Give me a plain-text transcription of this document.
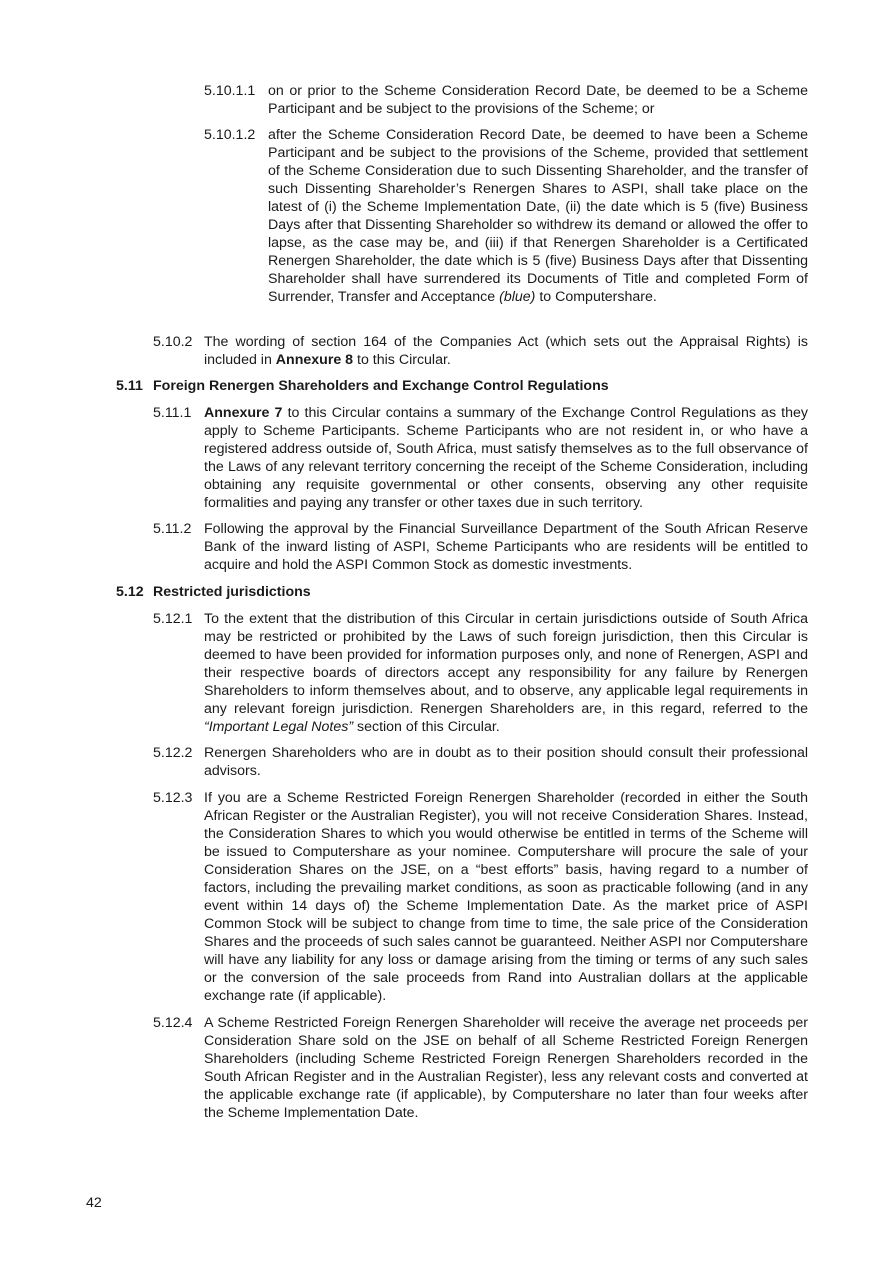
5.10.1.1 on or prior to the Scheme Consideration Record Date, be deemed to be a Scheme Participant and be subject to the provisions of the Scheme; or
5.10.1.2 after the Scheme Consideration Record Date, be deemed to have been a Scheme Participant and be subject to the provisions of the Scheme, provided that settlement of the Scheme Consideration due to such Dissenting Shareholder, and the transfer of such Dissenting Shareholder’s Renergen Shares to ASPI, shall take place on the latest of (i) the Scheme Implementation Date, (ii) the date which is 5 (five) Business Days after that Dissenting Shareholder so withdrew its demand or allowed the offer to lapse, as the case may be, and (iii) if that Renergen Shareholder is a Certificated Renergen Shareholder, the date which is 5 (five) Business Days after that Dissenting Shareholder shall have surrendered its Documents of Title and completed Form of Surrender, Transfer and Acceptance (blue) to Computershare.
5.10.2 The wording of section 164 of the Companies Act (which sets out the Appraisal Rights) is included in Annexure 8 to this Circular.
5.11 Foreign Renergen Shareholders and Exchange Control Regulations
5.11.1 Annexure 7 to this Circular contains a summary of the Exchange Control Regulations as they apply to Scheme Participants. Scheme Participants who are not resident in, or who have a registered address outside of, South Africa, must satisfy themselves as to the full observance of the Laws of any relevant territory concerning the receipt of the Scheme Consideration, including obtaining any requisite governmental or other consents, observing any other requisite formalities and paying any transfer or other taxes due in such territory.
5.11.2 Following the approval by the Financial Surveillance Department of the South African Reserve Bank of the inward listing of ASPI, Scheme Participants who are residents will be entitled to acquire and hold the ASPI Common Stock as domestic investments.
5.12 Restricted jurisdictions
5.12.1 To the extent that the distribution of this Circular in certain jurisdictions outside of South Africa may be restricted or prohibited by the Laws of such foreign jurisdiction, then this Circular is deemed to have been provided for information purposes only, and none of Renergen, ASPI and their respective boards of directors accept any responsibility for any failure by Renergen Shareholders to inform themselves about, and to observe, any applicable legal requirements in any relevant foreign jurisdiction. Renergen Shareholders are, in this regard, referred to the “Important Legal Notes” section of this Circular.
5.12.2 Renergen Shareholders who are in doubt as to their position should consult their professional advisors.
5.12.3 If you are a Scheme Restricted Foreign Renergen Shareholder (recorded in either the South African Register or the Australian Register), you will not receive Consideration Shares. Instead, the Consideration Shares to which you would otherwise be entitled in terms of the Scheme will be issued to Computershare as your nominee. Computershare will procure the sale of your Consideration Shares on the JSE, on a “best efforts” basis, having regard to a number of factors, including the prevailing market conditions, as soon as practicable following (and in any event within 14 days of) the Scheme Implementation Date. As the market price of ASPI Common Stock will be subject to change from time to time, the sale price of the Consideration Shares and the proceeds of such sales cannot be guaranteed. Neither ASPI nor Computershare will have any liability for any loss or damage arising from the timing or terms of any such sales or the conversion of the sale proceeds from Rand into Australian dollars at the applicable exchange rate (if applicable).
5.12.4 A Scheme Restricted Foreign Renergen Shareholder will receive the average net proceeds per Consideration Share sold on the JSE on behalf of all Scheme Restricted Foreign Renergen Shareholders (including Scheme Restricted Foreign Renergen Shareholders recorded in the South African Register and in the Australian Register), less any relevant costs and converted at the applicable exchange rate (if applicable), by Computershare no later than four weeks after the Scheme Implementation Date.
42
